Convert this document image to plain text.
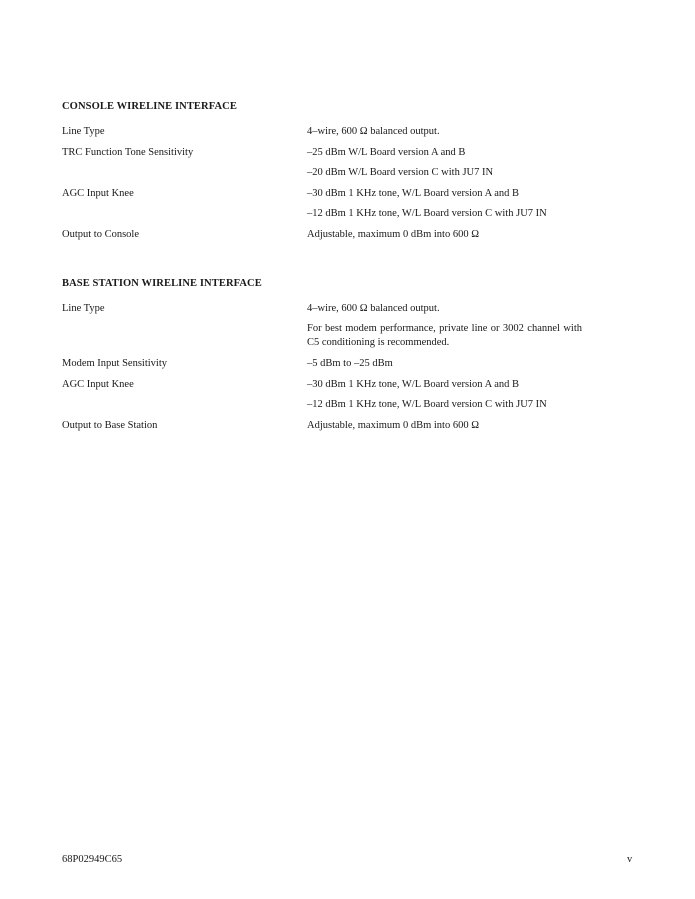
CONSOLE WIRELINE INTERFACE
Line Type	4–wire, 600 Ω balanced output.
TRC Function Tone Sensitivity	–25 dBm W/L Board version A and B
–20 dBm W/L Board version C with JU7 IN
AGC Input Knee	–30 dBm 1 KHz tone, W/L Board version A and B
–12 dBm 1 KHz tone, W/L Board version C with JU7 IN
Output to Console	Adjustable, maximum 0 dBm into 600 Ω
BASE STATION WIRELINE INTERFACE
Line Type	4–wire, 600 Ω balanced output.
For best modem performance, private line or 3002 channel with C5 conditioning is recommended.
Modem Input Sensitivity	–5 dBm to –25 dBm
AGC Input Knee	–30 dBm 1 KHz tone, W/L Board version A and B
–12 dBm 1 KHz tone, W/L Board version C with JU7 IN
Output to Base Station	Adjustable, maximum 0 dBm into 600 Ω
68P02949C65	v
